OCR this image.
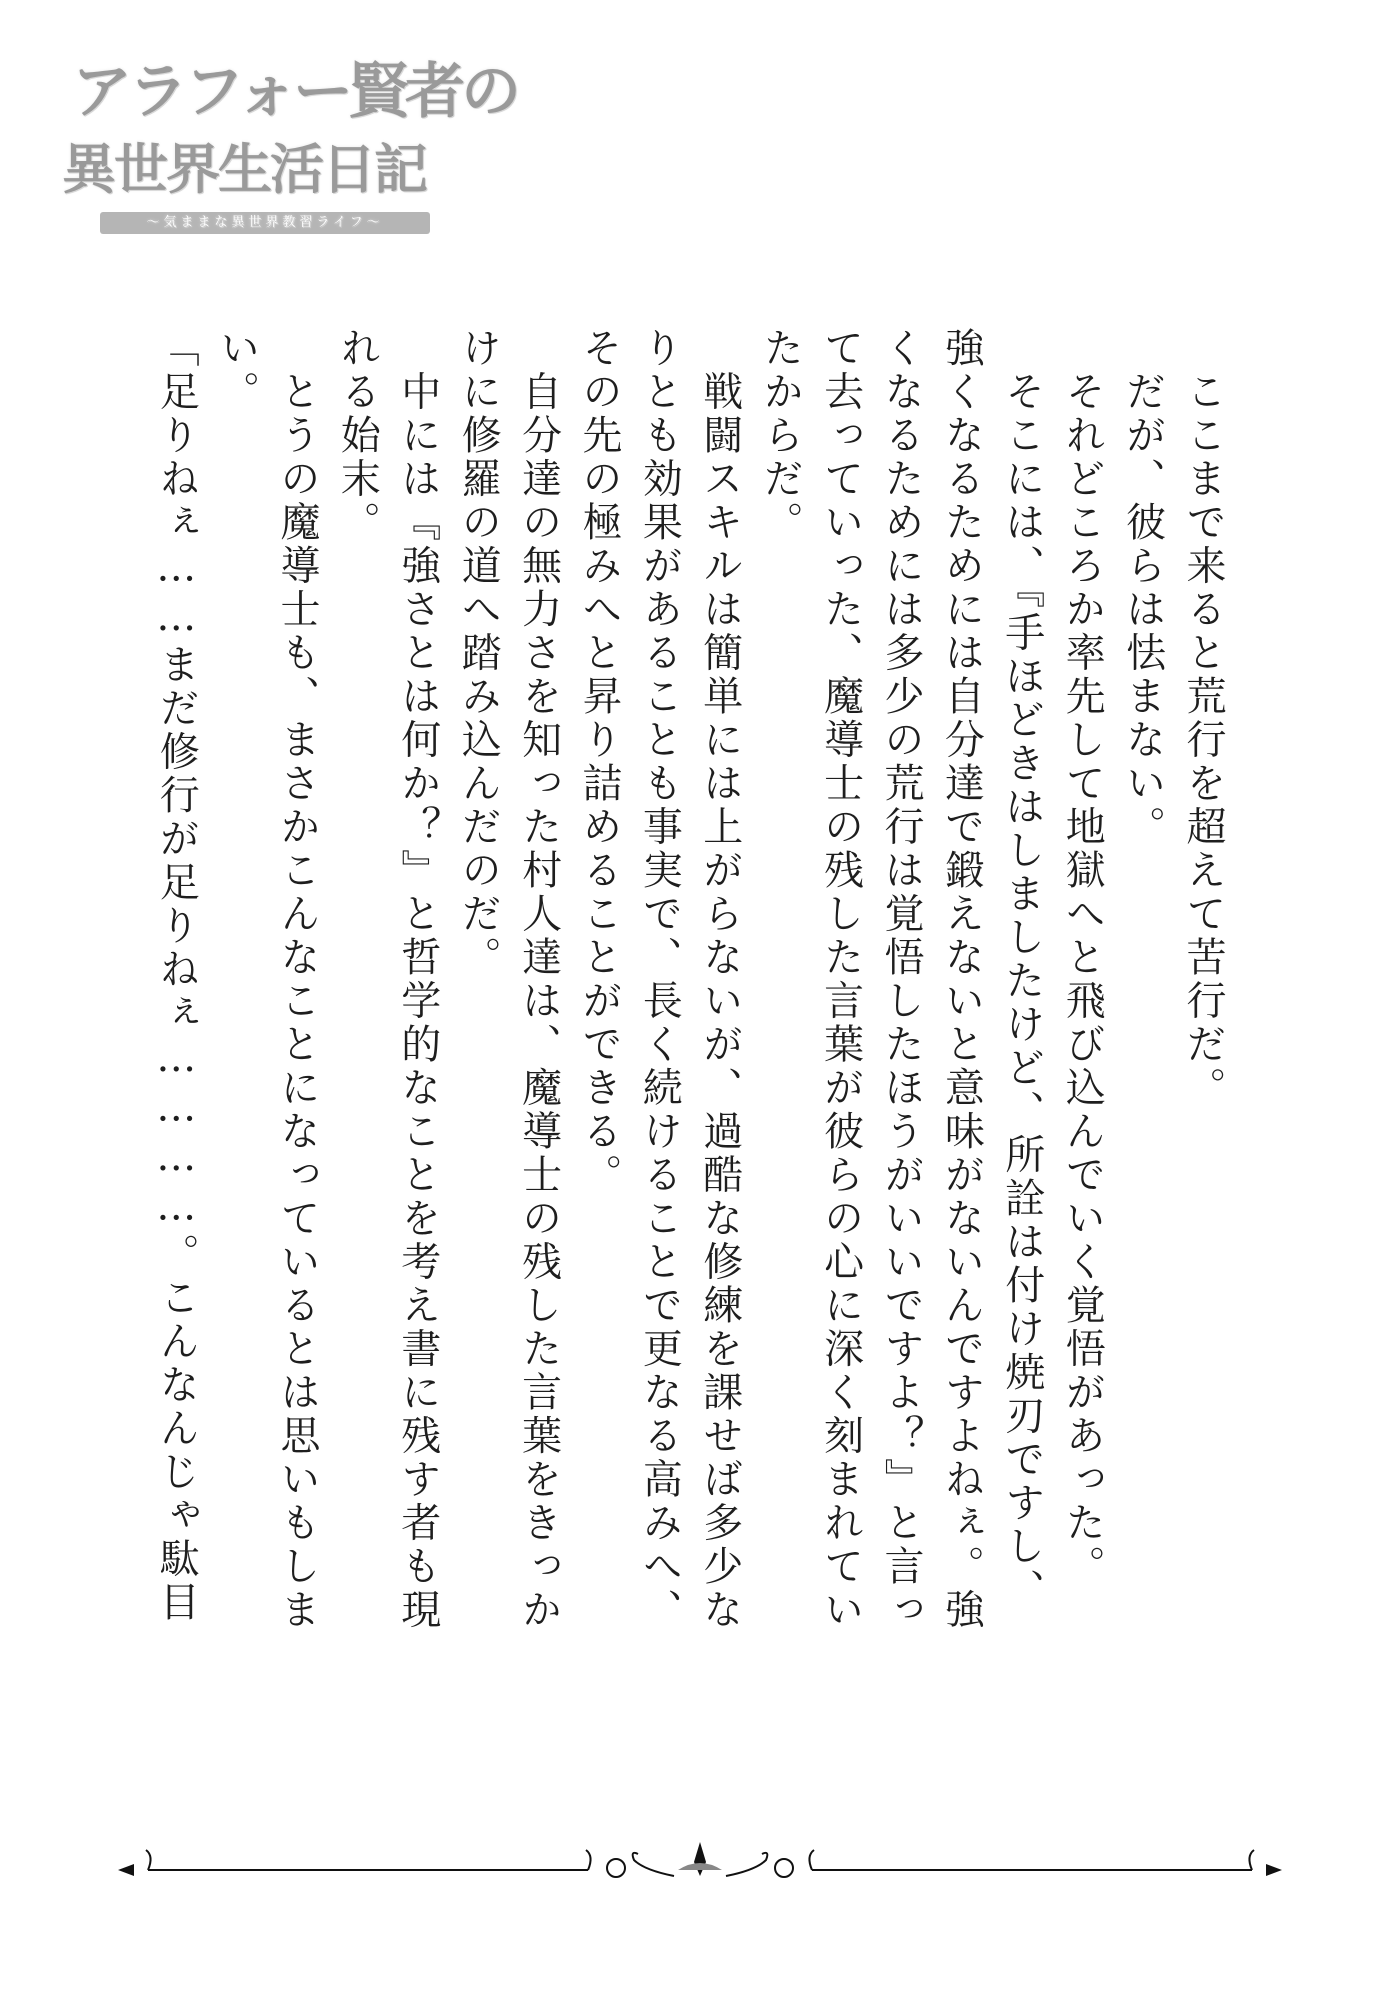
アラフォー賢者の
異世界生活日記
〜気ままな異世界教習ライフ〜
　ここまで来ると荒行を超えて苦行だ。
　だが、彼らは怯まない。
　それどころか率先して地獄へと飛び込んでいく覚悟があった。
　そこには、『手ほどきはしましたけど、所詮は付け焼刃ですし、
強くなるためには自分達で鍛えないと意味がないんですよねぇ。強
くなるためには多少の荒行は覚悟したほうがいいですよ？』と言っ
て去っていった、魔導士の残した言葉が彼らの心に深く刻まれてい
たからだ。
　戦闘スキルは簡単には上がらないが、過酷な修練を課せば多少な
りとも効果があることも事実で、長く続けることで更なる高みへ、
その先の極みへと昇り詰めることができる。
　自分達の無力さを知った村人達は、魔導士の残した言葉をきっか
けに修羅の道へ踏み込んだのだ。
　中には『強さとは何か？』と哲学的なことを考え書に残す者も現
れる始末。
　とうの魔導士も、まさかこんなことになっているとは思いもしま
い。
「足りねぇ……まだ修行が足りねぇ…………。こんなんじゃ駄目
